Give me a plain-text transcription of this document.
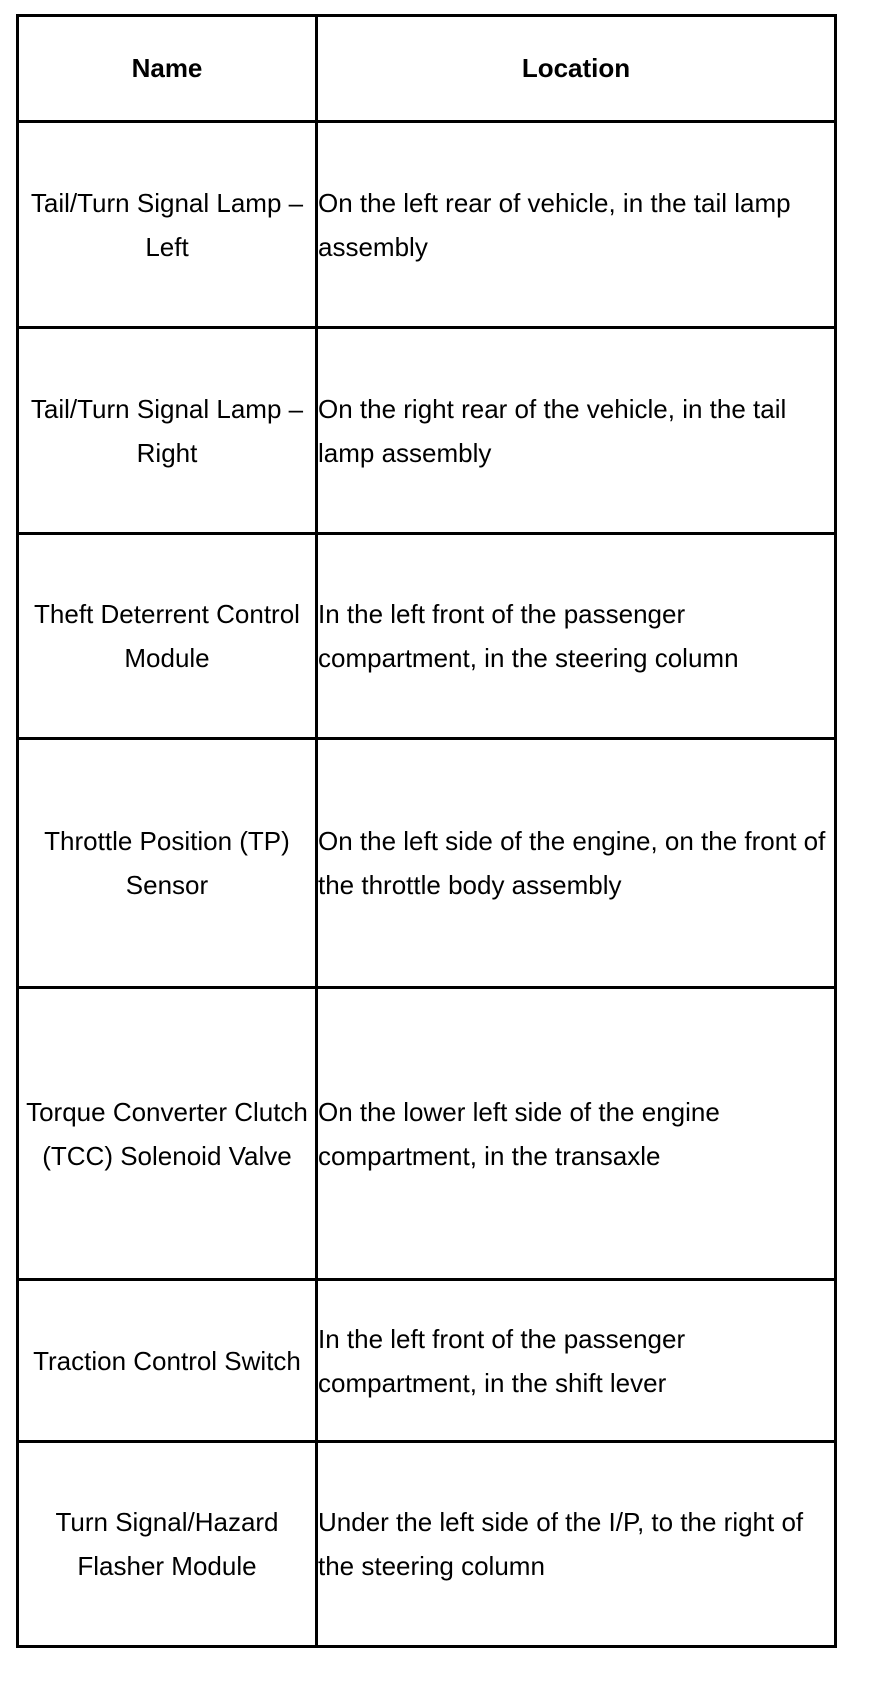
Name	Location
Tail/Turn Signal Lamp – Left	On the left rear of vehicle, in the tail lamp assembly
Tail/Turn Signal Lamp – Right	On the right rear of the vehicle, in the tail lamp assembly
Theft Deterrent Control Module	In the left front of the passenger compartment, in the steering column
Throttle Position (TP) Sensor	On the left side of the engine, on the front of the throttle body assembly
Torque Converter Clutch (TCC) Solenoid Valve	On the lower left side of the engine compartment, in the transaxle
Traction Control Switch	In the left front of the passenger compartment, in the shift lever
Turn Signal/Hazard Flasher Module	Under the left side of the I/P, to the right of the steering column
